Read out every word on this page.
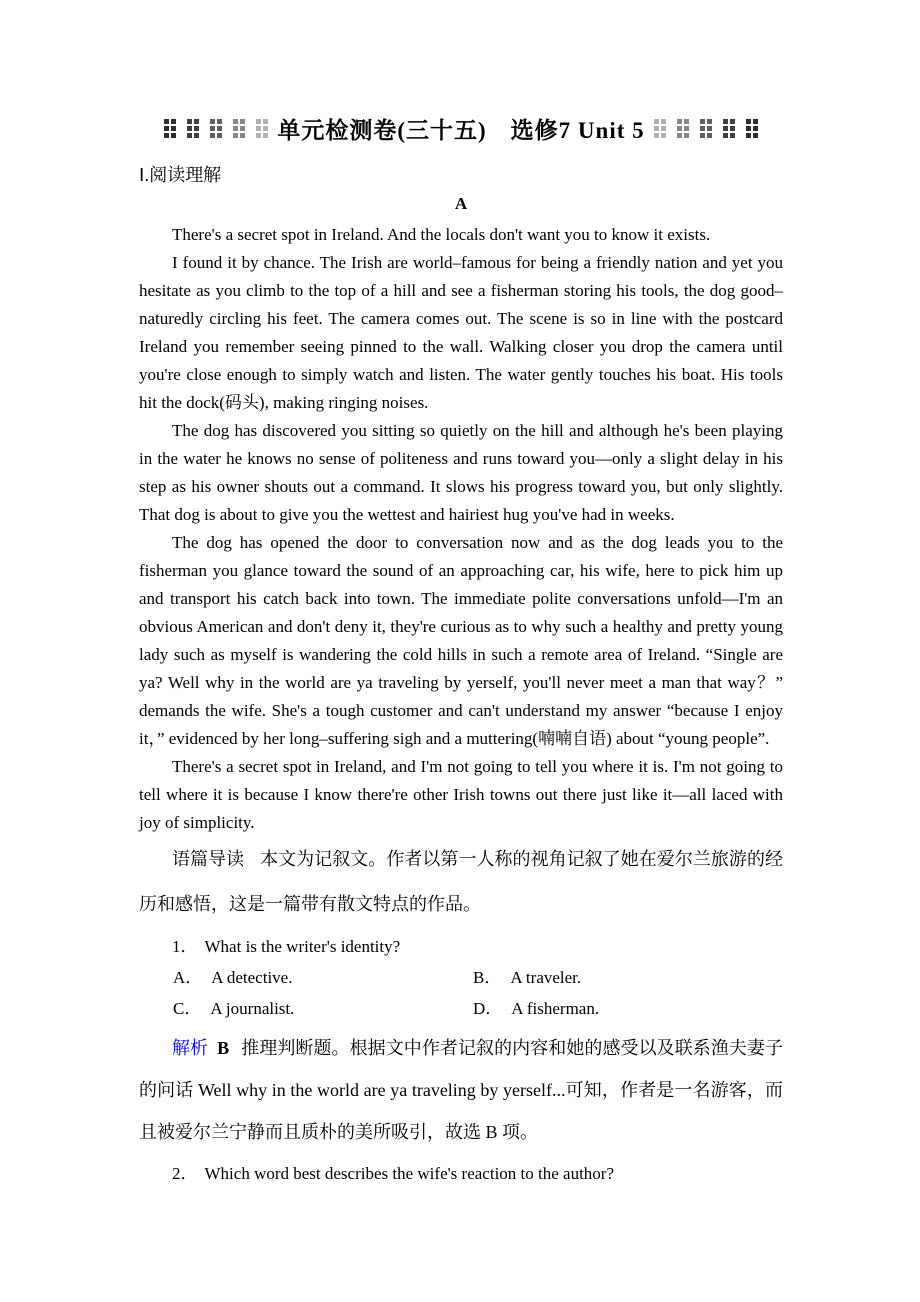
单元检测卷(三十五)　选修7 Unit 5
Ⅰ.阅读理解
A

There's a secret spot in Ireland. And the locals don't want you to know it exists.

I found it by chance. The Irish are world–famous for being a friendly nation and yet you hesitate as you climb to the top of a hill and see a fisherman storing his tools, the dog good–naturedly circling his feet. The camera comes out. The scene is so in line with the postcard Ireland you remember seeing pinned to the wall. Walking closer you drop the camera until you're close enough to simply watch and listen. The water gently touches his boat. His tools hit the dock(码头), making ringing noises.

The dog has discovered you sitting so quietly on the hill and although he's been playing in the water he knows no sense of politeness and runs toward you—only a slight delay in his step as his owner shouts out a command. It slows his progress toward you, but only slightly. That dog is about to give you the wettest and hairiest hug you've had in weeks.

The dog has opened the door to conversation now and as the dog leads you to the fisherman you glance toward the sound of an approaching car, his wife, here to pick him up and transport his catch back into town. The immediate polite conversations unfold—I'm an obvious American and don't deny it, they're curious as to why such a healthy and pretty young lady such as myself is wandering the cold hills in such a remote area of Ireland. “Single are ya? Well why in the world are ya traveling by yerself, you'll never meet a man that way？” demands the wife. She's a tough customer and can't understand my answer “because I enjoy it，” evidenced by her long–suffering sigh and a muttering(喃喃自语) about “young people”.

There's a secret spot in Ireland, and I'm not going to tell you where it is. I'm not going to tell where it is because I know there're other Irish towns out there just like it—all laced with joy of simplicity.

语篇导读 本文为记叙文。作者以第一人称的视角记叙了她在爱尔兰旅游的经历和感悟，这是一篇带有散文特点的作品。

1． What is the writer's identity?

A． A detective.	B． A traveler.
C． A journalist.	D． A fisherman.

解析 B 推理判断题。根据文中作者记叙的内容和她的感受以及联系渔夫妻子的问话 Well why in the world are ya traveling by yerself...可知，作者是一名游客，而且被爱尔兰宁静而且质朴的美所吸引，故选 B 项。

2． Which word best describes the wife's reaction to the author?
